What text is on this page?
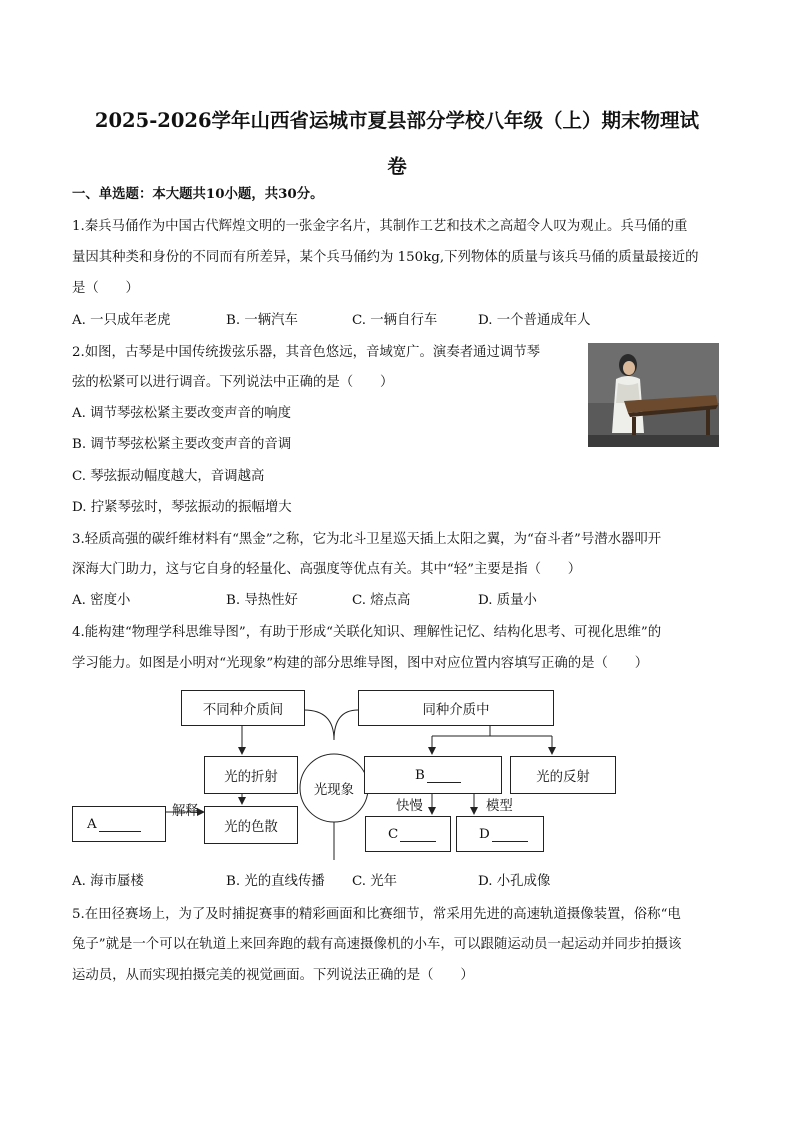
2025-2026学年山西省运城市夏县部分学校八年级（上）期末物理试
卷
一、单选题：本大题共10小题，共30分。
1.秦兵马俑作为中国古代辉煌文明的一张金字名片，其制作工艺和技术之高超令人叹为观止。兵马俑的重
量因其种类和身份的不同而有所差异，某个兵马俑约为 150kg,下列物体的质量与该兵马俑的质量最接近的
是（　　）
A. 一只成年老虎	B. 一辆汽车	C. 一辆自行车	D. 一个普通成年人
2.如图，古琴是中国传统拨弦乐器，其音色悠远，音域宽广。演奏者通过调节琴
弦的松紧可以进行调音。下列说法中正确的是（　　）
A. 调节琴弦松紧主要改变声音的响度
B. 调节琴弦松紧主要改变声音的音调
C. 琴弦振动幅度越大，音调越高
D. 拧紧琴弦时，琴弦振动的振幅增大
3.轻质高强的碳纤维材料有“黑金”之称，它为北斗卫星巡天插上太阳之翼，为“奋斗者”号潜水器叩开
深海大门助力，这与它自身的轻量化、高强度等优点有关。其中“轻”主要是指（　　）
A. 密度小	B. 导热性好	C. 熔点高	D. 质量小
4.能构建“物理学科思维导图”，有助于形成“关联化知识、理解性记忆、结构化思考、可视化思维”的
学习能力。如图是小明对“光现象”构建的部分思维导图，图中对应位置内容填写正确的是（　　）
不同种介质间	同种介质中
光的折射
光的色散
光现象
B	光的反射
A
解释	快慢	模型
C	D
A. 海市蜃楼	B. 光的直线传播 C. 光年	D. 小孔成像
5.在田径赛场上，为了及时捕捉赛事的精彩画面和比赛细节，常采用先进的高速轨道摄像装置，俗称“电
兔子”就是一个可以在轨道上来回奔跑的载有高速摄像机的小车，可以跟随运动员一起运动并同步拍摄该
运动员，从而实现拍摄完美的视觉画面。下列说法正确的是（　　）
